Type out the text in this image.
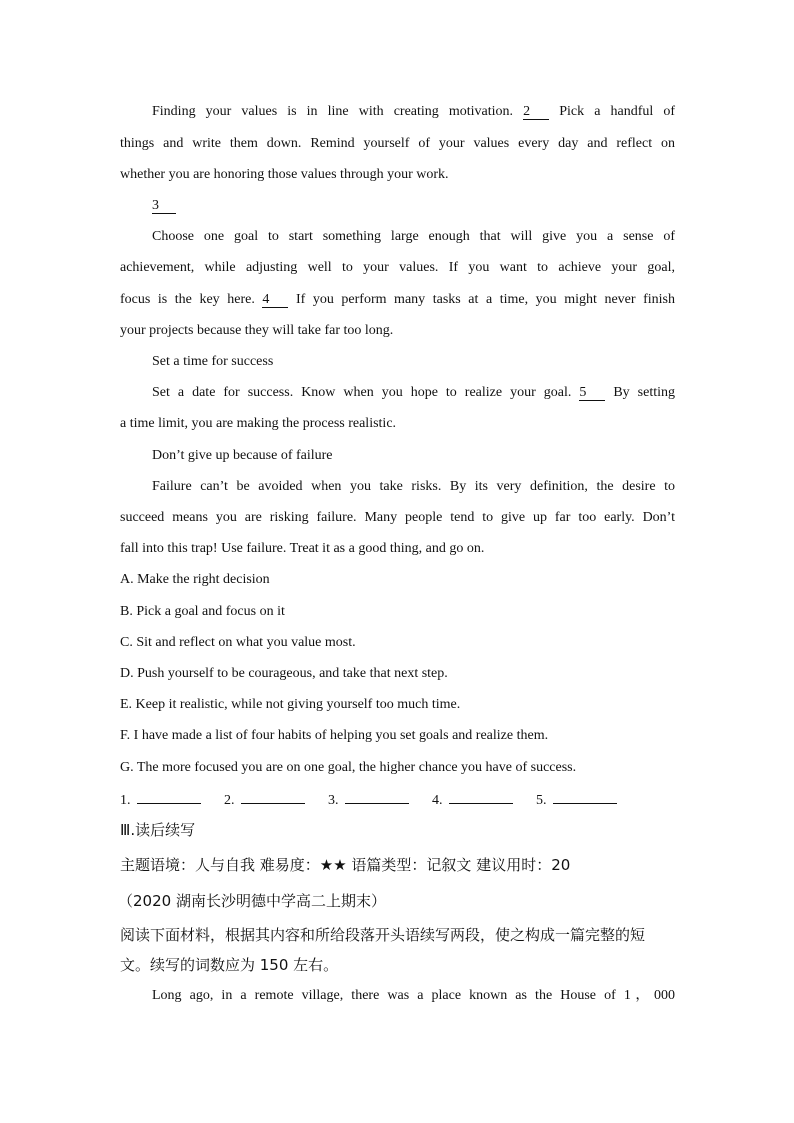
Finding your values is in line with creating motivation. 2 Pick a handful of
things and write them down. Remind yourself of your values every day and reflect on
whether you are honoring those values through your work.
3
Choose one goal to start something large enough that will give you a sense of
achievement, while adjusting well to your values. If you want to achieve your goal,
focus is the key here. 4 If you perform many tasks at a time, you might never finish
your projects because they will take far too long.
Set a time for success
Set a date for success. Know when you hope to realize your goal. 5 By setting
a time limit, you are making the process realistic.
Don’t give up because of failure
Failure can’t be avoided when you take risks. By its very definition, the desire to
succeed means you are risking failure. Many people tend to give up far too early. Don’t
fall into this trap! Use failure. Treat it as a good thing, and go on.
A. Make the right decision
B. Pick a goal and focus on it
C. Sit and reflect on what you value most.
D. Push yourself to be courageous, and take that next step.
E. Keep it realistic, while not giving yourself too much time.
F. I have made a list of four habits of helping you set goals and realize them.
G. The more focused you are on one goal, the higher chance you have of success.
1.	2.	3.	4.	5.
Ⅲ.读后续写
主题语境：人与自我 难易度：★★ 语篇类型：记叙文 建议用时：20
（2020 湖南长沙明德中学高二上期末）
阅读下面材料，根据其内容和所给段落开头语续写两段，使之构成一篇完整的短
文。续写的词数应为 150 左右。
Long ago, in a remote village, there was a place known as the House of 1，000
